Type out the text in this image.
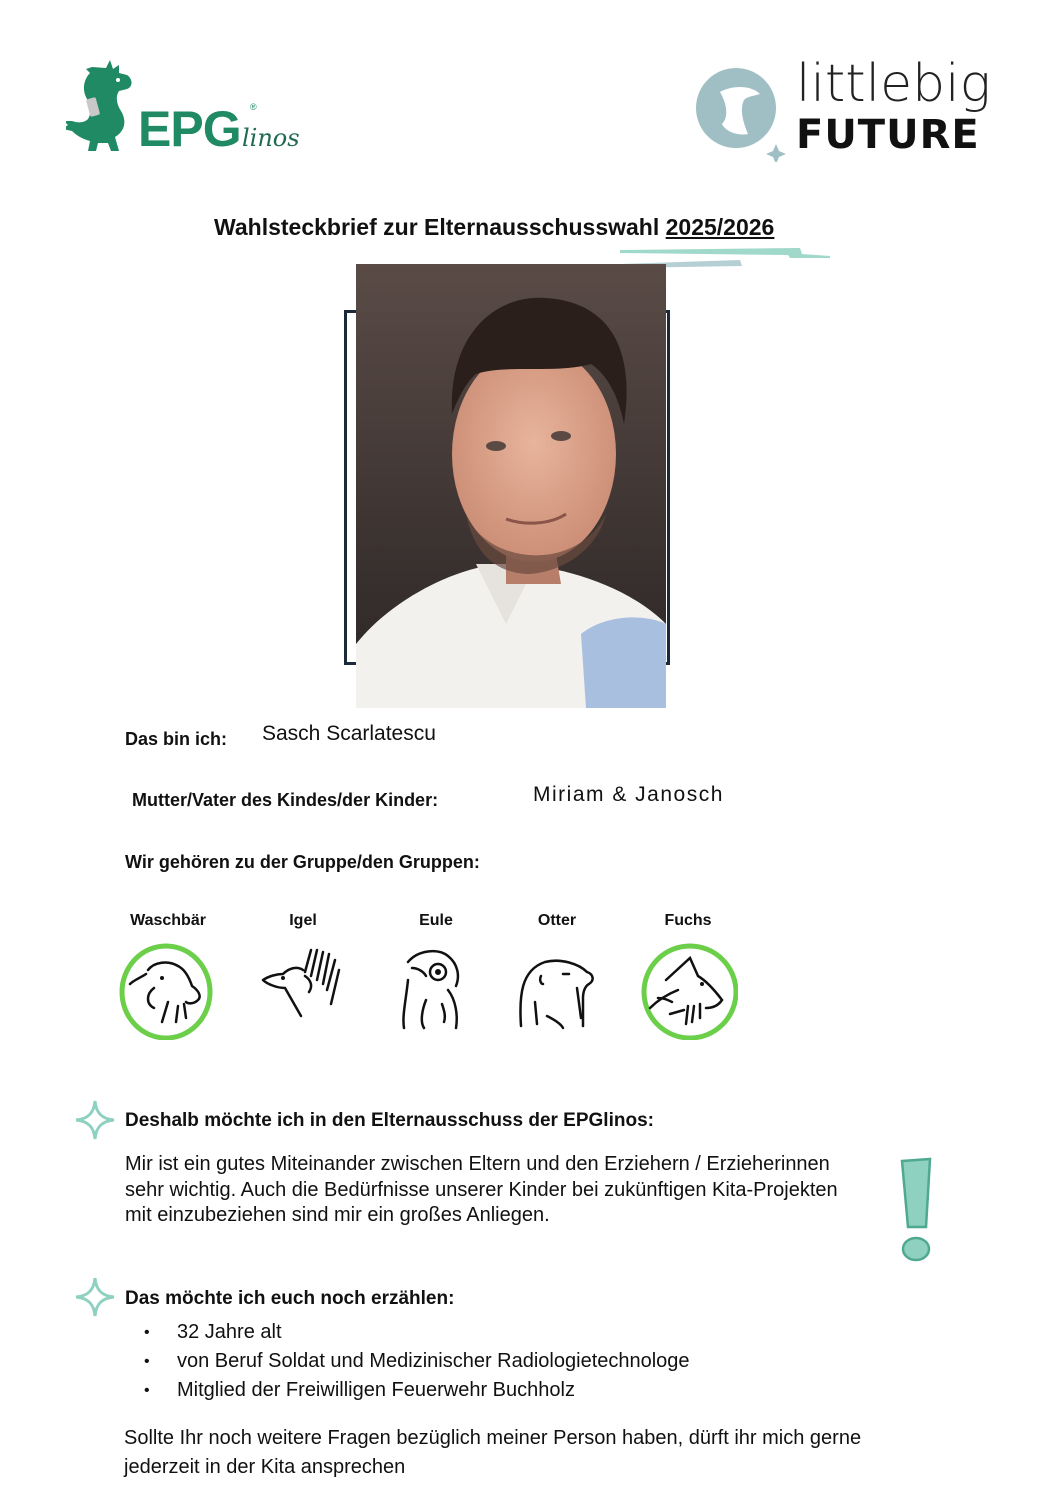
EPG ®
linos
littlebig
FUTURE
Wahlsteckbrief zur Elternausschusswahl 2025/2026
Das bin ich: Sasch Scarlatescu
Mutter/Vater des Kindes/der Kinder:	Miriam & Janosch
Wir gehören zu der Gruppe/den Gruppen:
Waschbär	Igel	Eule	Otter	Fuchs
Deshalb möchte ich in den Elternausschuss der EPGlinos:
Mir ist ein gutes Miteinander zwischen Eltern und den Erziehern / Erzieherinnen sehr wichtig. Auch die Bedürfnisse unserer Kinder bei zukünftigen Kita-Projekten mit einzubeziehen sind mir ein großes Anliegen.
Das möchte ich euch noch erzählen:
• 32 Jahre alt
• von Beruf Soldat und Medizinischer Radiologietechnologe
• Mitglied der Freiwilligen Feuerwehr Buchholz
Sollte Ihr noch weitere Fragen bezüglich meiner Person haben, dürft ihr mich gerne jederzeit in der Kita ansprechen
